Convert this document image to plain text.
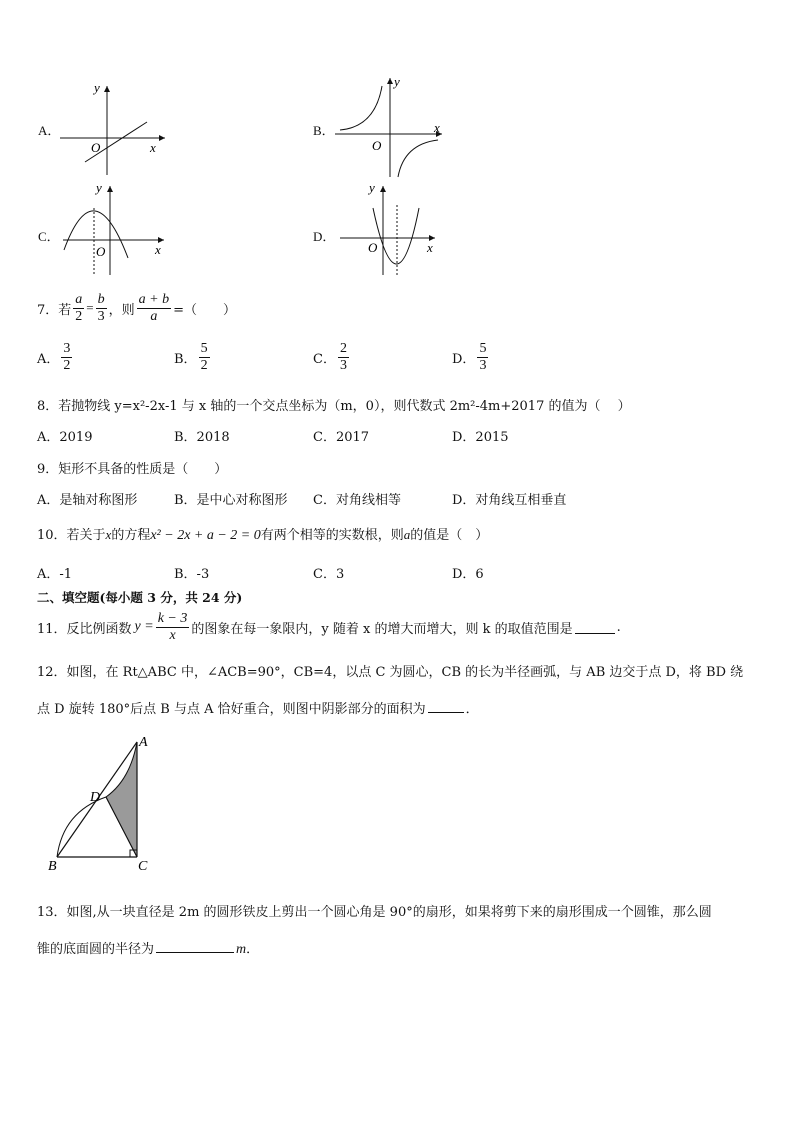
A．
y
x
O
B．
y
x
O
C．
y
x
O
D．
y
x
O
7．若 $\frac{a}{2} = \frac{b}{3}$ ，则 $\frac{a + b}{a}$ =（　　）
A． $\frac{3}{2}$	B． $\frac{5}{2}$	C． $\frac{2}{3}$	D． $\frac{5}{3}$
8．若抛物线 y=x²-2x-1 与 x 轴的一个交点坐标为（m，0），则代数式 2m²-4m+2017 的值为（　 ）
A．2019	B．2018	C．2017	D．2015
9．矩形不具备的性质是（　　）
A．是轴对称图形	B．是中心对称图形 C．对角线相等	D．对角线互相垂直
10．若关于x的方程x² − 2x + a − 2 = 0有两个相等的实数根，则a的值是（　）
A．-1	B．-3	C．3	D．6
二、填空题(每小题 3 分，共 24 分)
11．反比例函数 $y = \frac{k - 3}{x}$ 的图象在每一象限内，y 随着 x 的增大而增大，则 k 的取值范围是	.
12．如图，在 Rt△ABC 中，∠ACB=90°，CB=4，以点 C 为圆心，CB 的长为半径画弧，与 AB 边交于点 D，将 BD 绕
点 D 旋转 180°后点 B 与点 A 恰好重合，则图中阴影部分的面积为	．
A
B	C
D
13．如图,从一块直径是 2m 的圆形铁皮上剪出一个圆心角是 90°的扇形，如果将剪下来的扇形围成一个圆锥，那么圆
锥的底面圆的半径为	m．
